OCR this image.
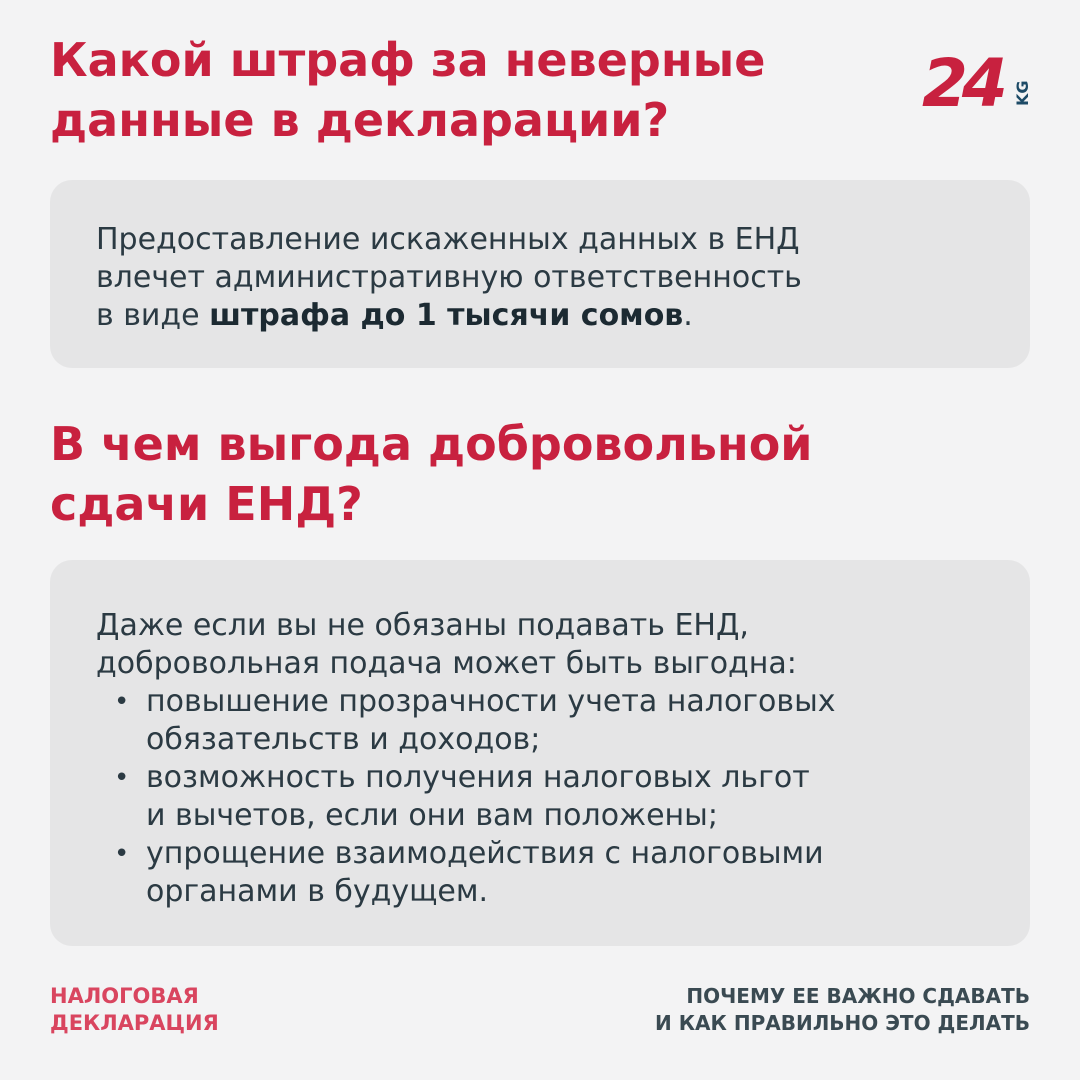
Какой штраф за неверные
данные в декларации?	24 KG

Предоставление искаженных данных в ЕНД
влечет административную ответственность
в виде штрафа до 1 тысячи сомов.

В чем выгода добровольной
сдачи ЕНД?

Даже если вы не обязаны подавать ЕНД,
добровольная подача может быть выгодна:

• повышение прозрачности учета налоговых
обязательств и доходов;
• возможность получения налоговых льгот
и вычетов, если они вам положены;
• упрощение взаимодействия с налоговыми
органами в будущем.

НАЛОГОВАЯ
ДЕКЛАРАЦИЯ

ПОЧЕМУ ЕЕ ВАЖНО СДАВАТЬ
И КАК ПРАВИЛЬНО ЭТО ДЕЛАТЬ
